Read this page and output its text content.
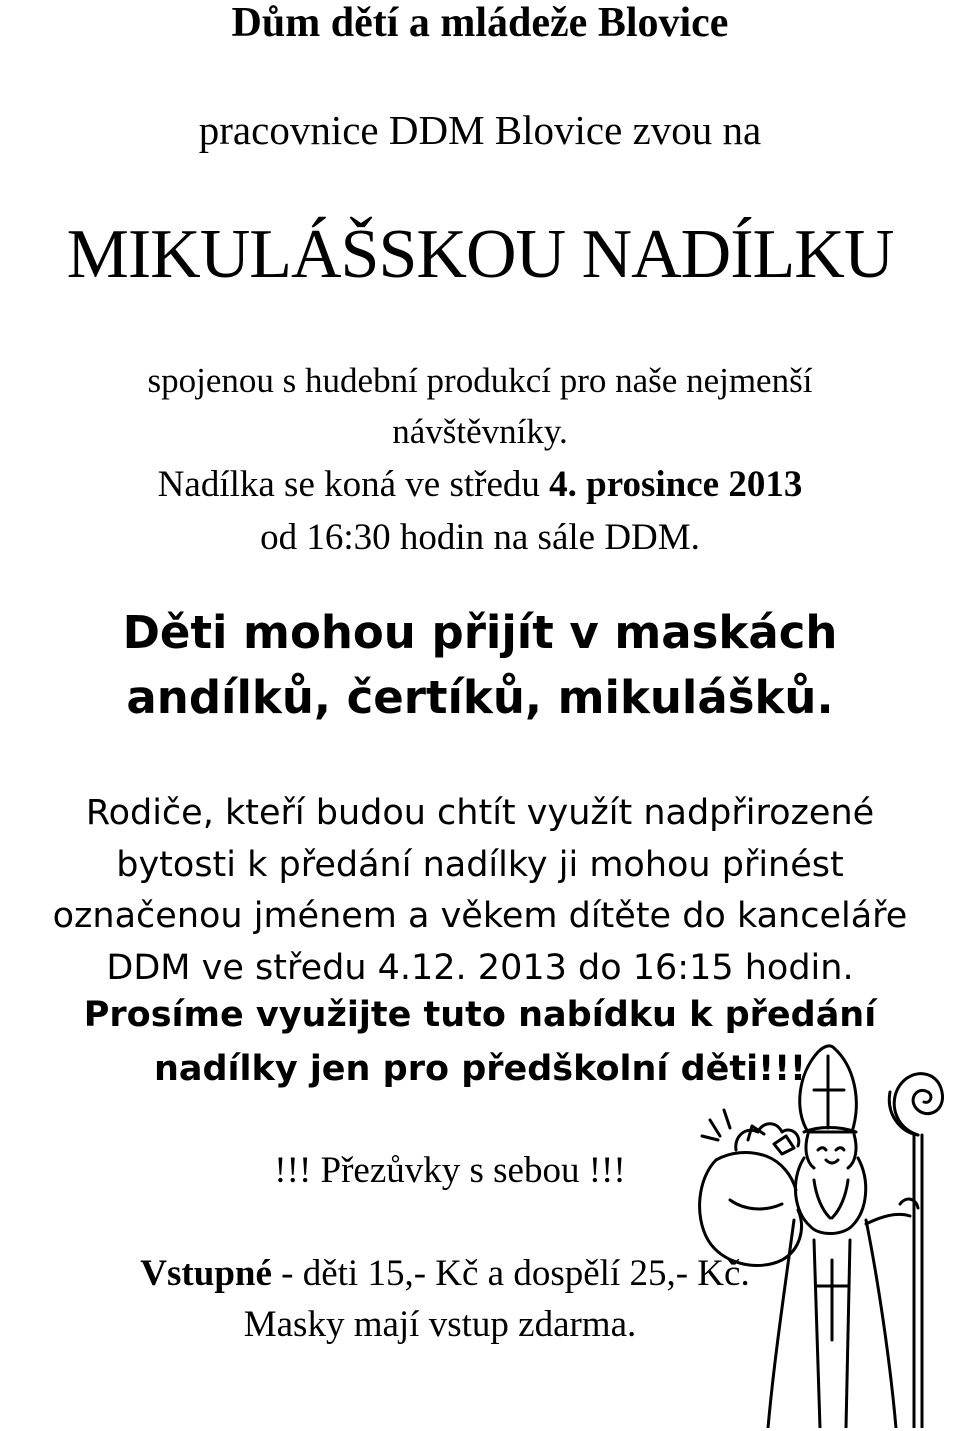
Dům dětí a mládeže Blovice
pracovnice DDM Blovice zvou na
MIKULÁŠSKOU NADÍLKU
spojenou s hudební produkcí pro naše nejmenší
návštěvníky.
Nadílka se koná ve středu 4. prosince 2013
od 16:30 hodin na sále DDM.
Děti mohou přijít v maskách
andílků, čertíků, mikulášků.
Rodiče, kteří budou chtít využít nadpřirozené
bytosti k předání nadílky ji mohou přinést
označenou jménem a věkem dítěte do kanceláře
DDM ve středu 4.12. 2013 do 16:15 hodin.
Prosíme využijte tuto nabídku k předání
nadílky jen pro předškolní děti!!!
!!! Přezůvky s sebou !!!
Vstupné - děti 15,- Kč a dospělí 25,- Kč.
Masky mají vstup zdarma.
